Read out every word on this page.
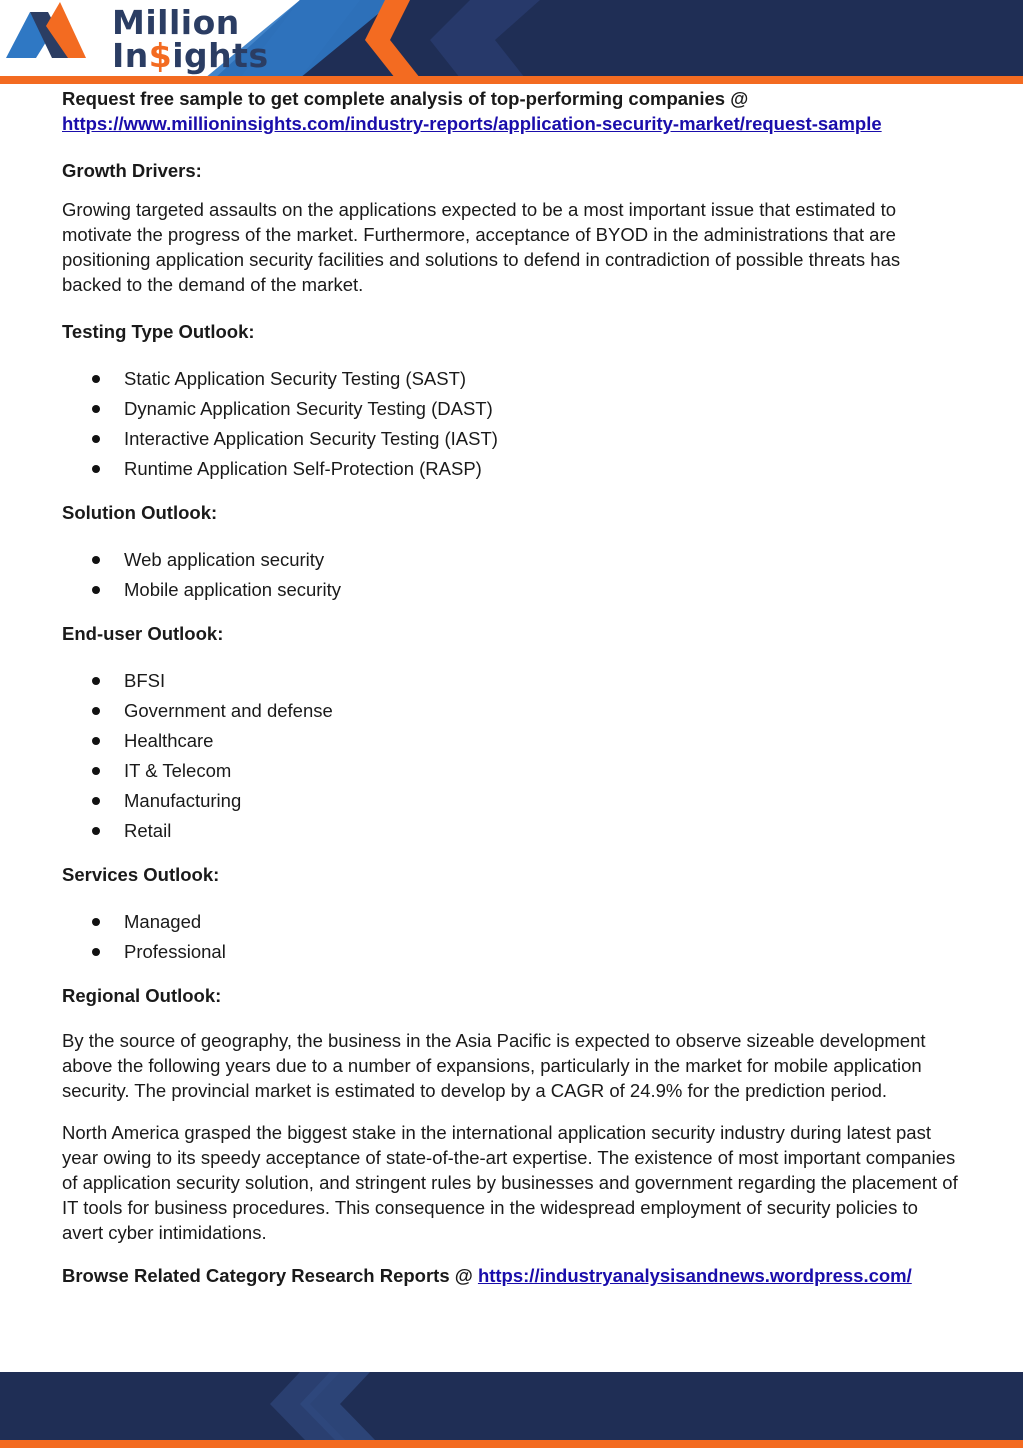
Million
In$ights

Request free sample to get complete analysis of top-performing companies @
https://www.millioninsights.com/industry-reports/application-security-market/request-sample

Growth Drivers:

Growing targeted assaults on the applications expected to be a most important issue that estimated to motivate the progress of the market. Furthermore, acceptance of BYOD in the administrations that are positioning application security facilities and solutions to defend in contradiction of possible threats has backed to the demand of the market.

Testing Type Outlook:
Static Application Security Testing (SAST)
Dynamic Application Security Testing (DAST)
Interactive Application Security Testing (IAST)
Runtime Application Self-Protection (RASP)
Solution Outlook:
Web application security
Mobile application security
End-user Outlook:
BFSI
Government and defense
Healthcare
IT & Telecom
Manufacturing
Retail
Services Outlook:
Managed
Professional
Regional Outlook:

By the source of geography, the business in the Asia Pacific is expected to observe sizeable development above the following years due to a number of expansions, particularly in the market for mobile application security. The provincial market is estimated to develop by a CAGR of 24.9% for the prediction period.

North America grasped the biggest stake in the international application security industry during latest past year owing to its speedy acceptance of state-of-the-art expertise. The existence of most important companies of application security solution, and stringent rules by businesses and government regarding the placement of IT tools for business procedures. This consequence in the widespread employment of security policies to avert cyber intimidations.

Browse Related Category Research Reports @ https://industryanalysisandnews.wordpress.com/
